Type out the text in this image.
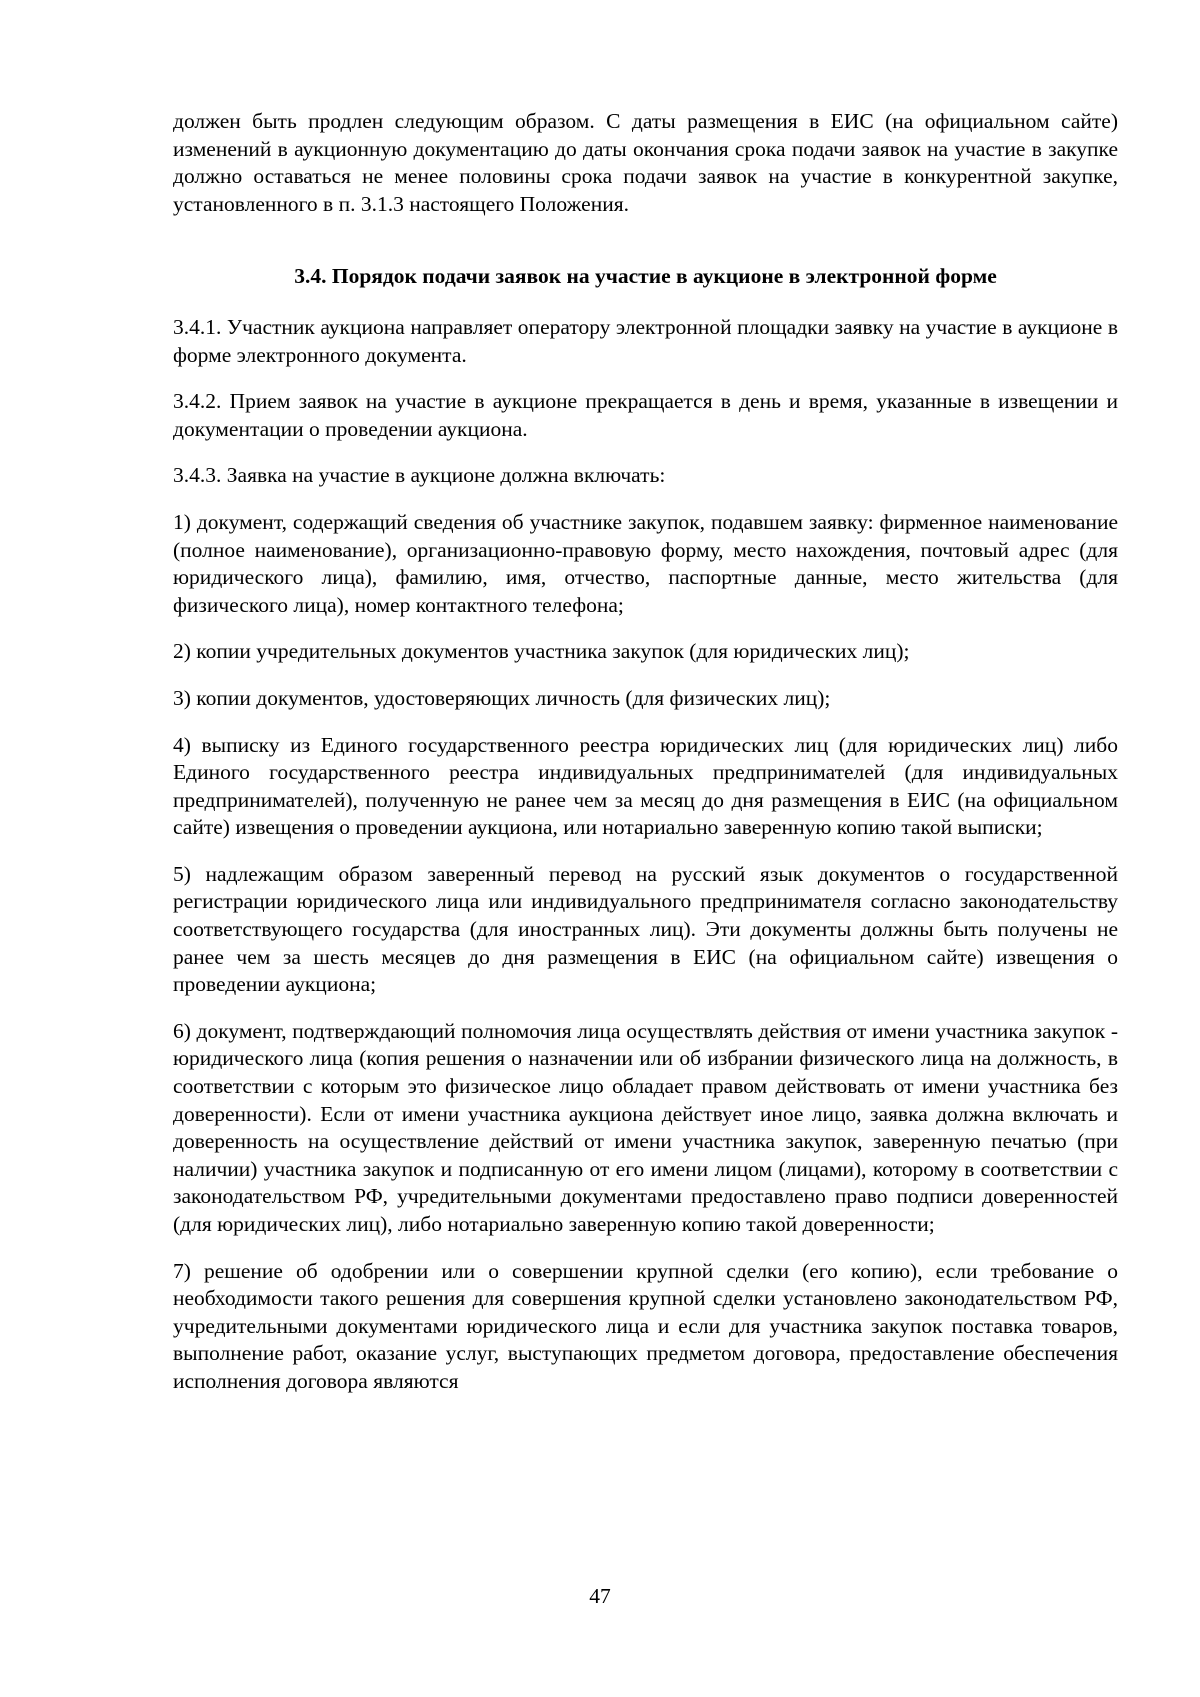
должен быть продлен следующим образом. С даты размещения в ЕИС (на официальном сайте) изменений в аукционную документацию до даты окончания срока подачи заявок на участие в закупке должно оставаться не менее половины срока подачи заявок на участие в конкурентной закупке, установленного в п. 3.1.3 настоящего Положения.

3.4. Порядок подачи заявок на участие в аукционе в электронной форме

3.4.1. Участник аукциона направляет оператору электронной площадки заявку на участие в аукционе в форме электронного документа.

3.4.2. Прием заявок на участие в аукционе прекращается в день и время, указанные в извещении и документации о проведении аукциона.

3.4.3. Заявка на участие в аукционе должна включать:

1) документ, содержащий сведения об участнике закупок, подавшем заявку: фирменное наименование (полное наименование), организационно-правовую форму, место нахождения, почтовый адрес (для юридического лица), фамилию, имя, отчество, паспортные данные, место жительства (для физического лица), номер контактного телефона;

2) копии учредительных документов участника закупок (для юридических лиц);

3) копии документов, удостоверяющих личность (для физических лиц);

4) выписку из Единого государственного реестра юридических лиц (для юридических лиц) либо Единого государственного реестра индивидуальных предпринимателей (для индивидуальных предпринимателей), полученную не ранее чем за месяц до дня размещения в ЕИС (на официальном сайте) извещения о проведении аукциона, или нотариально заверенную копию такой выписки;

5) надлежащим образом заверенный перевод на русский язык документов о государственной регистрации юридического лица или индивидуального предпринимателя согласно законодательству соответствующего государства (для иностранных лиц). Эти документы должны быть получены не ранее чем за шесть месяцев до дня размещения в ЕИС (на официальном сайте) извещения о проведении аукциона;

6) документ, подтверждающий полномочия лица осуществлять действия от имени участника закупок - юридического лица (копия решения о назначении или об избрании физического лица на должность, в соответствии с которым это физическое лицо обладает правом действовать от имени участника без доверенности). Если от имени участника аукциона действует иное лицо, заявка должна включать и доверенность на осуществление действий от имени участника закупок, заверенную печатью (при наличии) участника закупок и подписанную от его имени лицом (лицами), которому в соответствии с законодательством РФ, учредительными документами предоставлено право подписи доверенностей (для юридических лиц), либо нотариально заверенную копию такой доверенности;

7) решение об одобрении или о совершении крупной сделки (его копию), если требование о необходимости такого решения для совершения крупной сделки установлено законодательством РФ, учредительными документами юридического лица и если для участника закупок поставка товаров, выполнение работ, оказание услуг, выступающих предметом договора, предоставление обеспечения исполнения договора являются

47
